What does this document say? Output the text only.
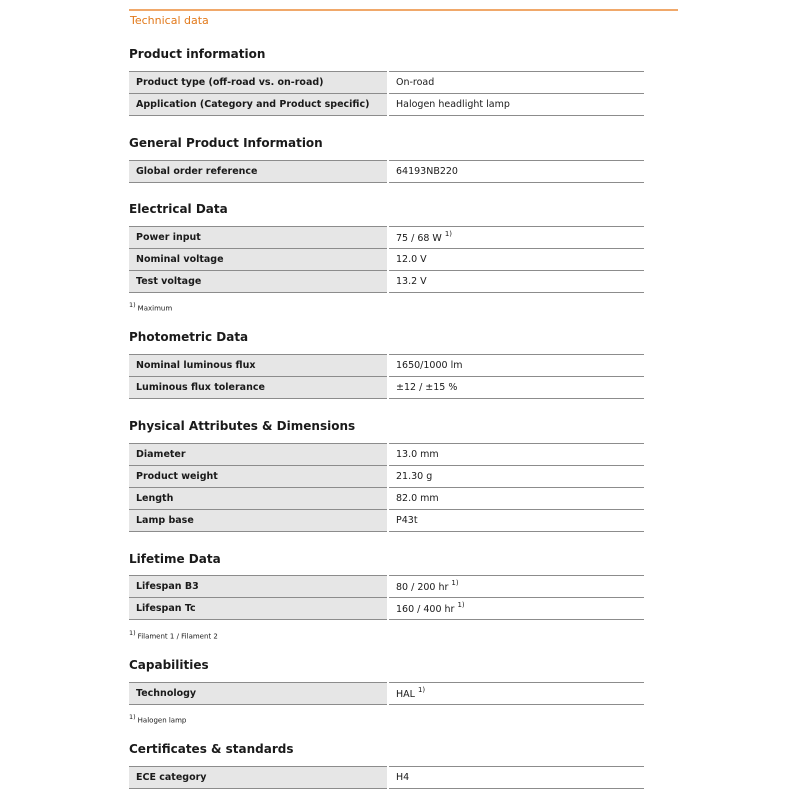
Technical data
Product information
Product type (off-road vs. on-road)	On-road
Application (Category and Product specific)	Halogen headlight lamp
General Product Information
Global order reference	64193NB220
Electrical Data
Power input	75 / 68 W $^{1)}$
Nominal voltage	12.0 V
Test voltage	13.2 V
$^{1)}$ Maximum
Photometric Data
Nominal luminous flux	1650/1000 lm
Luminous flux tolerance	±12 / ±15 %
Physical Attributes & Dimensions
Diameter	13.0 mm
Product weight	21.30 g
Length	82.0 mm
Lamp base	P43t
Lifetime Data
Lifespan B3	80 / 200 hr $^{1)}$
Lifespan Tc	160 / 400 hr $^{1)}$
$^{1)}$ Filament 1 / Filament 2
Capabilities
Technology	HAL $^{1)}$
$^{1)}$ Halogen lamp
Certificates & standards
ECE category	H4
